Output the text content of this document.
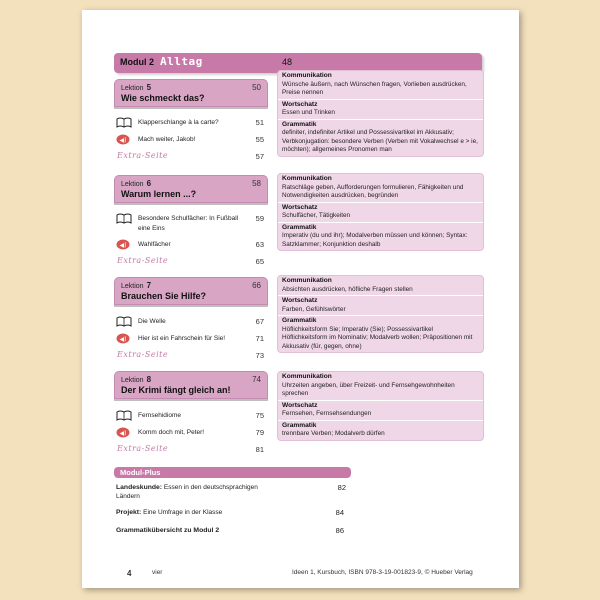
Modul 2 Alltag	48
Lektion 5
Wie schmeckt das?
50
Klapperschlange à la carte?	51
◀) Mach weiter, Jakob!	55
Extra-Seite	57
Kommunikation
Wünsche äußern, nach Wünschen fragen, Vorlieben ausdrücken, Preise nennen
Wortschatz
Essen und Trinken
Grammatik
definiter, indefiniter Artikel und Possessivartikel im Akkusativ; Verbkonjugation: besondere Verben (Verben mit Vokalwechsel e > ie, möchten); allgemeines Pronomen man
Lektion 6
Warum lernen ...?
58
Besondere Schulfächer: In Fußball eine Eins
59
◀) Wahlfächer	63
Extra-Seite	65
Kommunikation
Ratschläge geben, Aufforderungen formulieren, Fähigkeiten und Notwendigkeiten ausdrücken, begründen
Wortschatz
Schulfächer, Tätigkeiten
Grammatik
Imperativ (du und ihr); Modalverben müssen und können; Syntax: Satzklammer; Konjunktion deshalb
Lektion 7
Brauchen Sie Hilfe?
66
Die Welle	67
◀) Hier ist ein Fahrschein für Sie!	71
Extra-Seite	73
Kommunikation
Absichten ausdrücken, höfliche Fragen stellen
Wortschatz
Farben, Gefühlswörter
Grammatik
Höflichkeitsform Sie; Imperativ (Sie); Possessivartikel Höflichkeitsform im Nominativ; Modalverb wollen; Präpositionen mit Akkusativ (für, gegen, ohne)
Lektion 8
Der Krimi fängt gleich an!
74
Fernsehidiome	75
◀) Komm doch mit, Peter!	79
Extra-Seite	81
Kommunikation
Uhrzeiten angeben, über Freizeit- und Fernsehgewohnheiten sprechen
Wortschatz
Fernsehen, Fernsehsendungen
Grammatik
trennbare Verben; Modalverb dürfen
Modul-Plus
Landeskunde: Essen in den deutschsprachigen Ländern
82
Projekt: Eine Umfrage in der Klasse	84
Grammatikübersicht zu Modul 2	86
4	vier	Ideen 1, Kursbuch, ISBN 978-3-19-001823-9, © Hueber Verlag
